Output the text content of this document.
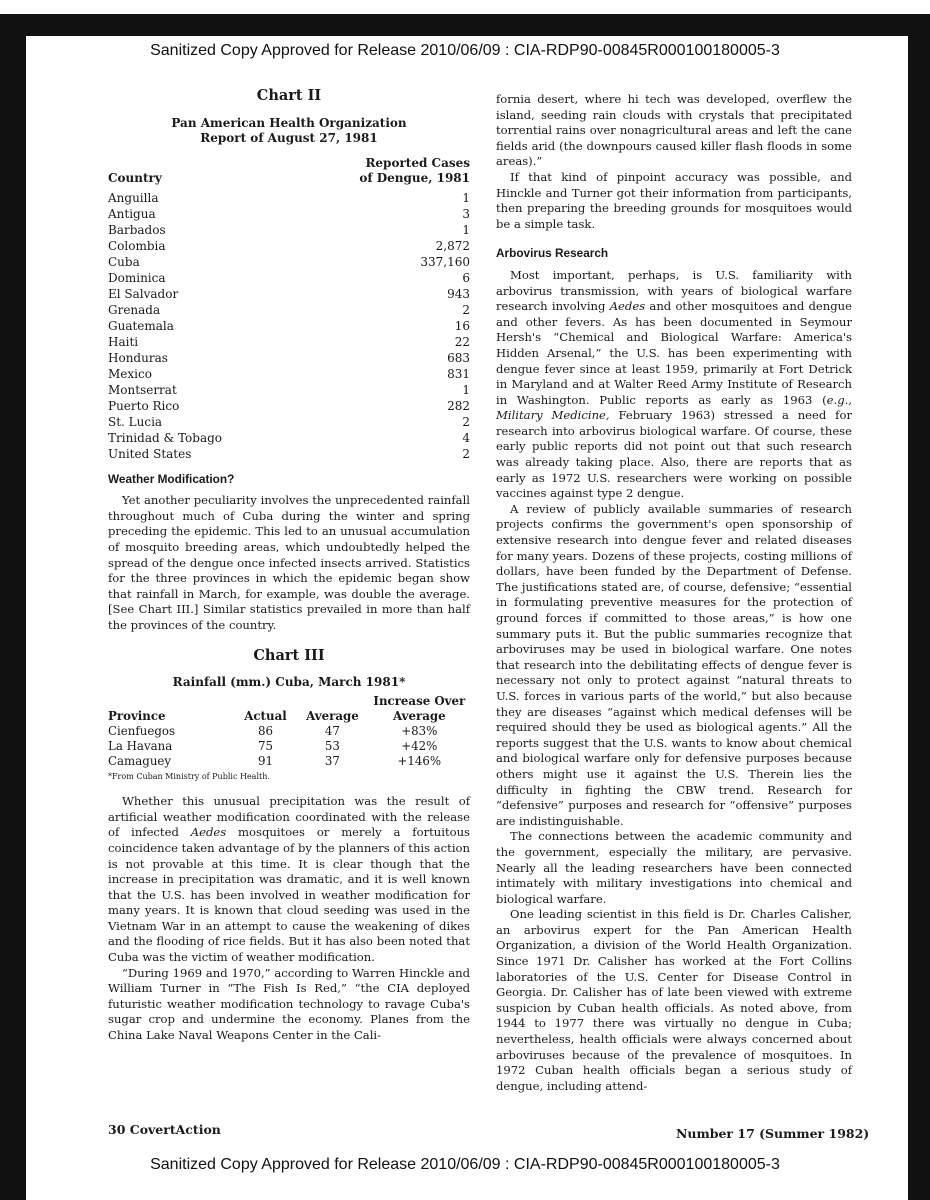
Sanitized Copy Approved for Release 2010/06/09 : CIA-RDP90-00845R000100180005-3
Chart II
Pan American Health Organization
Report of August 27, 1981
Country
Reported Cases
of Dengue, 1981
Anguilla	1
Antigua	3
Barbados	1
Colombia	2,872
Cuba	337,160
Dominica	6
El Salvador	943
Grenada	2
Guatemala	16
Haiti	22
Honduras	683
Mexico	831
Montserrat	1
Puerto Rico	282
St. Lucia	2
Trinidad & Tobago	4
United States	2
Weather Modification?

Yet another peculiarity involves the unprecedented rainfall throughout much of Cuba during the winter and spring preceding the epidemic. This led to an unusual accumulation of mosquito breeding areas, which undoubtedly helped the spread of the dengue once infected insects arrived. Statistics for the three provinces in which the epidemic began show that rainfall in March, for example, was double the average. [See Chart III.] Similar statistics prevailed in more than half the provinces of the country.

Chart III
Rainfall (mm.) Cuba, March 1981*
			Increase Over
Province	Actual	Average	Average
Cienfuegos	86	47	+83%
La Havana	75	53	+42%
Camaguey	91	37	+146%
*From Cuban Ministry of Public Health.

Whether this unusual precipitation was the result of artificial weather modification coordinated with the release of infected Aedes mosquitoes or merely a fortuitous coincidence taken advantage of by the planners of this action is not provable at this time. It is clear though that the increase in precipitation was dramatic, and it is well known that the U.S. has been involved in weather modification for many years. It is known that cloud seeding was used in the Vietnam War in an attempt to cause the weakening of dikes and the flooding of rice fields. But it has also been noted that Cuba was the victim of weather modification.

“During 1969 and 1970,” according to Warren Hinckle and William Turner in “The Fish Is Red,” “the CIA deployed futuristic weather modification technology to ravage Cuba's sugar crop and undermine the economy. Planes from the China Lake Naval Weapons Center in the Cali-

fornia desert, where hi tech was developed, overflew the island, seeding rain clouds with crystals that precipitated torrential rains over nonagricultural areas and left the cane fields arid (the downpours caused killer flash floods in some areas).”

If that kind of pinpoint accuracy was possible, and Hinckle and Turner got their information from participants, then preparing the breeding grounds for mosquitoes would be a simple task.

Arbovirus Research

Most important, perhaps, is U.S. familiarity with arbovirus transmission, with years of biological warfare research involving Aedes and other mosquitoes and dengue and other fevers. As has been documented in Seymour Hersh's “Chemical and Biological Warfare: America's Hidden Arsenal,” the U.S. has been experimenting with dengue fever since at least 1959, primarily at Fort Detrick in Maryland and at Walter Reed Army Institute of Research in Washington. Public reports as early as 1963 (e.g., Military Medicine, February 1963) stressed a need for research into arbovirus biological warfare. Of course, these early public reports did not point out that such research was already taking place. Also, there are reports that as early as 1972 U.S. researchers were working on possible vaccines against type 2 dengue.

A review of publicly available summaries of research projects confirms the government's open sponsorship of extensive research into dengue fever and related diseases for many years. Dozens of these projects, costing millions of dollars, have been funded by the Department of Defense. The justifications stated are, of course, defensive; “essential in formulating preventive measures for the protection of ground forces if committed to those areas,” is how one summary puts it. But the public summaries recognize that arboviruses may be used in biological warfare. One notes that research into the debilitating effects of dengue fever is necessary not only to protect against “natural threats to U.S. forces in various parts of the world,” but also because they are diseases “against which medical defenses will be required should they be used as biological agents.” All the reports suggest that the U.S. wants to know about chemical and biological warfare only for defensive purposes because others might use it against the U.S. Therein lies the difficulty in fighting the CBW trend. Research for “defensive” purposes and research for “offensive” purposes are indistinguishable.

The connections between the academic community and the government, especially the military, are pervasive. Nearly all the leading researchers have been connected intimately with military investigations into chemical and biological warfare.

One leading scientist in this field is Dr. Charles Calisher, an arbovirus expert for the Pan American Health Organization, a division of the World Health Organization. Since 1971 Dr. Calisher has worked at the Fort Collins laboratories of the U.S. Center for Disease Control in Georgia. Dr. Calisher has of late been viewed with extreme suspicion by Cuban health officials. As noted above, from 1944 to 1977 there was virtually no dengue in Cuba; nevertheless, health officials were always concerned about arboviruses because of the prevalence of mosquitoes. In 1972 Cuban health officials began a serious study of dengue, including attend-

30 CovertAction	Number 17 (Summer 1982)
Sanitized Copy Approved for Release 2010/06/09 : CIA-RDP90-00845R000100180005-3
